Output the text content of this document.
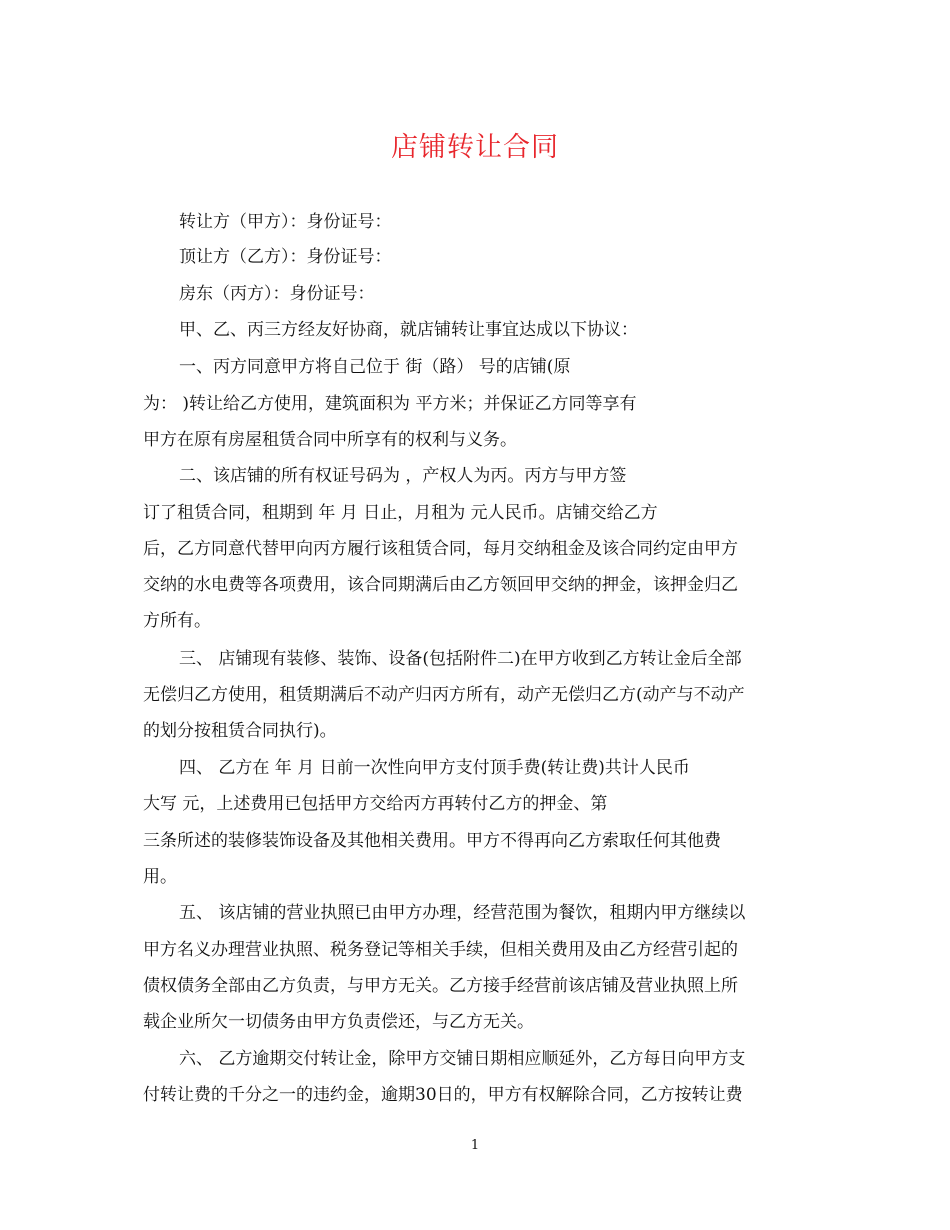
店铺转让合同
转让方（甲方）：身份证号：
顶让方（乙方）：身份证号：
房东（丙方）：身份证号：
甲、乙、丙三方经友好协商，就店铺转让事宜达成以下协议：
一、丙方同意甲方将自己位于 街（路） 号的店铺(原
为： )转让给乙方使用，建筑面积为 平方米；并保证乙方同等享有
甲方在原有房屋租赁合同中所享有的权利与义务。
二、该店铺的所有权证号码为 ，产权人为丙。丙方与甲方签
订了租赁合同，租期到 年 月 日止，月租为 元人民币。店铺交给乙方
后，乙方同意代替甲向丙方履行该租赁合同，每月交纳租金及该合同约定由甲方
交纳的水电费等各项费用，该合同期满后由乙方领回甲交纳的押金，该押金归乙
方所有。
三、 店铺现有装修、装饰、设备(包括附件二)在甲方收到乙方转让金后全部
无偿归乙方使用，租赁期满后不动产归丙方所有，动产无偿归乙方(动产与不动产
的划分按租赁合同执行)。
四、 乙方在 年 月 日前一次性向甲方支付顶手费(转让费)共计人民币
大写 元，上述费用已包括甲方交给丙方再转付乙方的押金、第
三条所述的装修装饰设备及其他相关费用。甲方不得再向乙方索取任何其他费
用。
五、 该店铺的营业执照已由甲方办理，经营范围为餐饮，租期内甲方继续以
甲方名义办理营业执照、税务登记等相关手续，但相关费用及由乙方经营引起的
债权债务全部由乙方负责，与甲方无关。乙方接手经营前该店铺及营业执照上所
载企业所欠一切债务由甲方负责偿还，与乙方无关。
六、 乙方逾期交付转让金，除甲方交铺日期相应顺延外，乙方每日向甲方支
付转让费的千分之一的违约金，逾期30日的，甲方有权解除合同，乙方按转让费
1
